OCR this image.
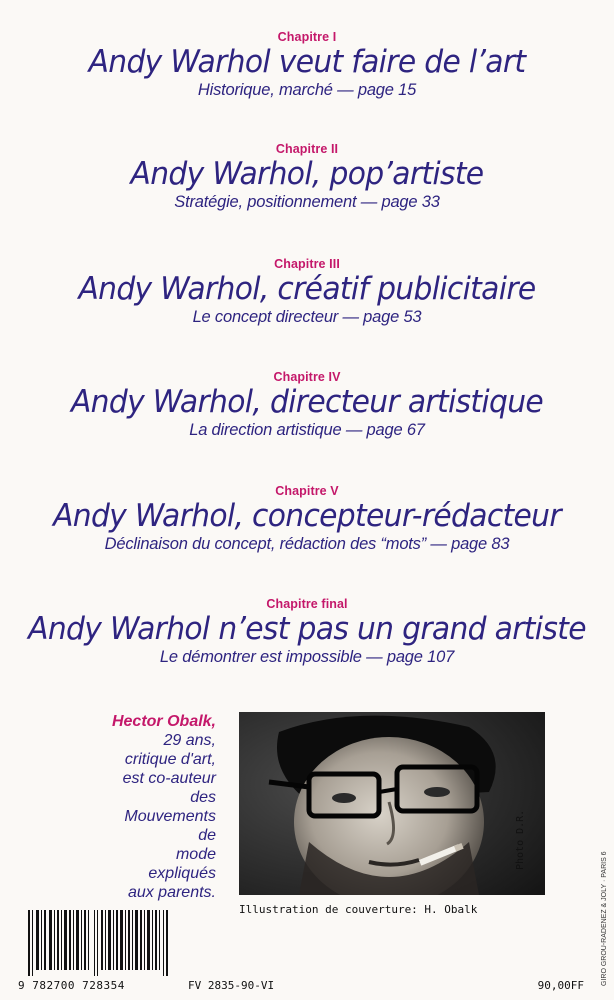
Chapitre I
Andy Warhol veut faire de l’art
Historique, marché — page 15
Chapitre II
Andy Warhol, pop’artiste
Stratégie, positionnement — page 33
Chapitre III
Andy Warhol, créatif publicitaire
Le concept directeur — page 53
Chapitre IV
Andy Warhol, directeur artistique
La direction artistique — page 67
Chapitre V
Andy Warhol, concepteur-rédacteur
Déclinaison du concept, rédaction des “mots” — page 83
Chapitre final
Andy Warhol n’est pas un grand artiste
Le démontrer est impossible — page 107
Hector Obalk,
29 ans,
critique d'art,
est co-auteur
des Mouvements de
mode expliqués
aux parents.
Photo D.R.
Illustration de couverture: H. Obalk
9 782700 728354	FV 2835-90-VI	90,00FF GIRO GROU-RADENEZ & JOLY · PARIS 6
